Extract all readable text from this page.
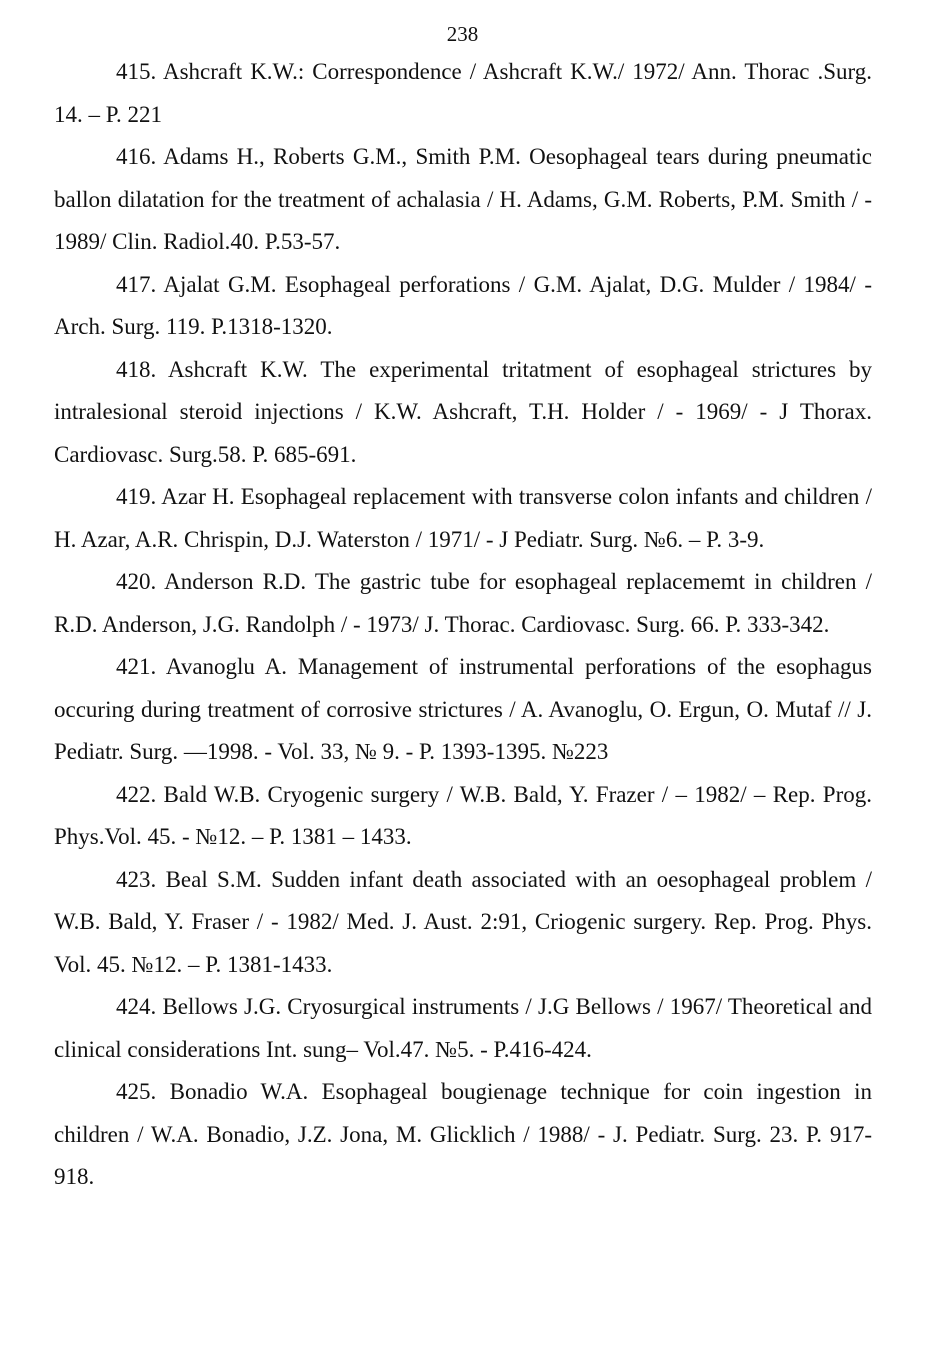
238

415. Ashcraft K.W.: Correspondence / Ashcraft K.W./ 1972/ Ann. Thorac .Surg. 14. – P. 221

416. Adams H., Roberts G.M., Smith P.M. Oesophageal tears during pneumatic ballon dilatation for the treatment of achalasia / H. Adams, G.M. Roberts, P.M. Smith / - 1989/ Clin. Radiol.40. P.53-57.

417. Ajalat G.M. Esophageal perforations / G.M. Ajalat, D.G. Mulder / 1984/ - Arch. Surg. 119. P.1318-1320.

418. Ashcraft K.W. The experimental tritatment of esophageal strictures by intralesional steroid injections / K.W. Ashcraft, T.H. Holder / - 1969/ - J Thorax. Cardiovasc. Surg.58. P. 685-691.

419. Azar H. Esophageal replacement with transverse colon infants and children / H. Azar, A.R. Chrispin, D.J. Waterston / 1971/ - J Pediatr. Surg. №6. – P. 3-9.

420. Anderson R.D. The gastric tube for esophageal replacememt in children / R.D. Anderson, J.G. Randolph / - 1973/ J. Thorac. Cardiovasc. Surg. 66. P. 333-342.

421. Avanoglu A. Management of instrumental perforations of the esophagus occuring during treatment of corrosive strictures / A. Avanoglu, O. Ergun, O. Mutaf // J. Pediatr. Surg. —1998. - Vol. 33, № 9. - P. 1393-1395. №223

422. Bald W.B. Cryogenic surgery / W.B. Bald, Y. Frazer / – 1982/ – Rep. Prog. Phys.Vol. 45. - №12. – P. 1381 – 1433.

423. Beal S.M. Sudden infant death associated with an oesophageal problem / W.B. Bald, Y. Fraser / - 1982/ Med. J. Aust. 2:91, Criogenic surgery. Rep. Prog. Phys. Vol. 45. №12. – P. 1381-1433.

424. Bellows J.G. Cryosurgical instruments / J.G Bellows / 1967/ Theoretical and clinical considerations Int. sung– Vol.47. №5. - P.416-424.

425. Bonadio W.A. Esophageal bougienage technique for coin ingestion in children / W.A. Bonadio, J.Z. Jona, M. Glicklich / 1988/ - J. Pediatr. Surg. 23. P. 917-918.
